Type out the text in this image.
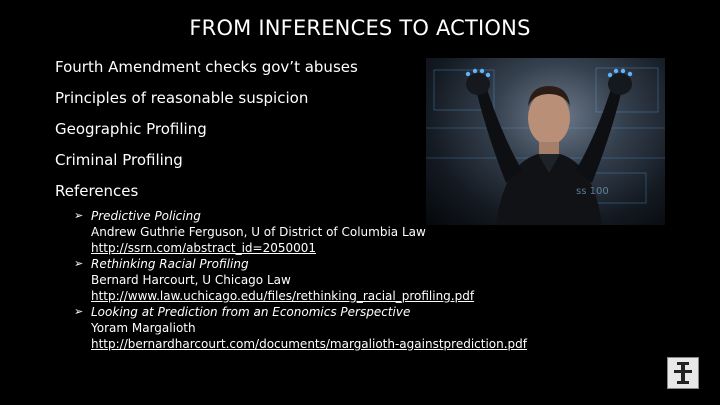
FROM INFERENCES TO ACTIONS
Fourth Amendment checks gov’t abuses
Principles of reasonable suspicion
Geographic Profiling
Criminal Profiling
References
➢ Predictive Policing
Andrew Guthrie Ferguson, U of District of Columbia Law
http://ssrn.com/abstract_id=2050001
➢ Rethinking Racial Profiling
Bernard Harcourt, U Chicago Law
http://www.law.uchicago.edu/files/rethinking_racial_profiling.pdf
➢ Looking at Prediction from an Economics Perspective
Yoram Margalioth
http://bernardharcourt.com/documents/margalioth-againstprediction.pdf
ss 100
